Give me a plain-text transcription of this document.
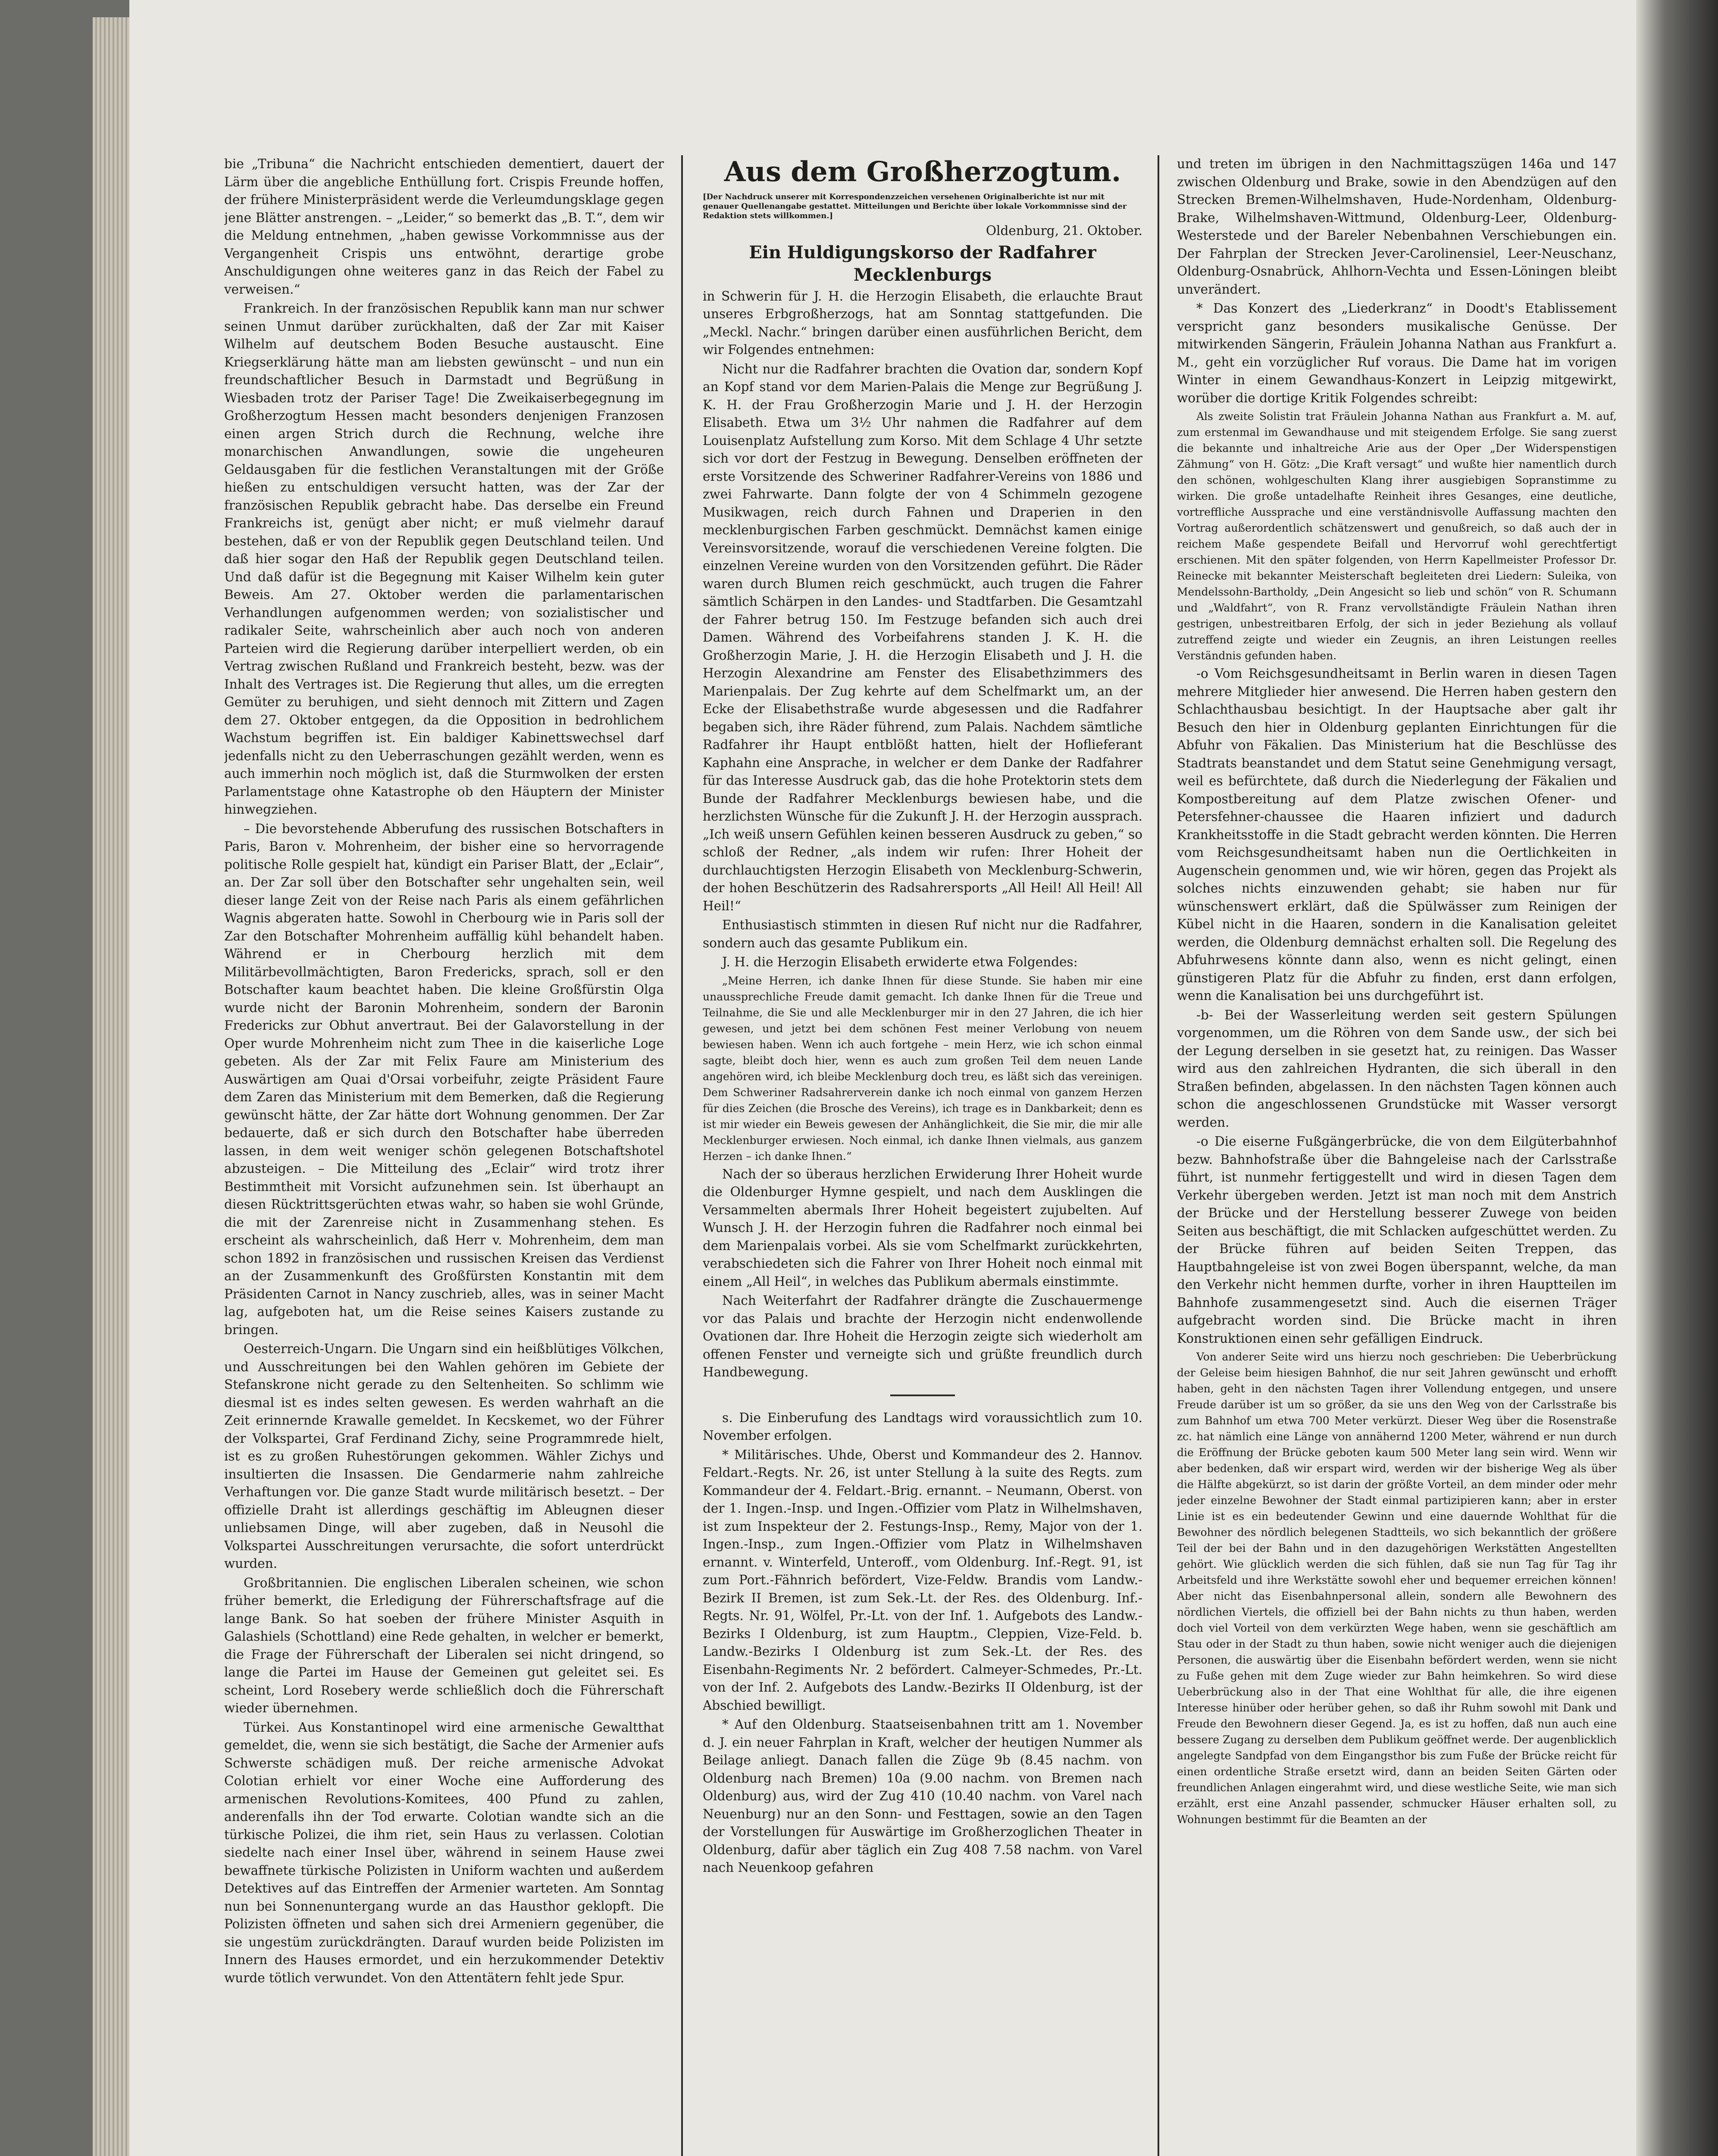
bie „Tribuna“ die Nachricht entschieden dementiert, dauert der Lärm über die angebliche Enthüllung fort. Crispis Freunde hoffen, der frühere Ministerpräsident werde die Verleumdungsklage gegen jene Blätter anstrengen. – „Leider,“ so bemerkt das „B. T.“, dem wir die Meldung entnehmen, „haben gewisse Vorkommnisse aus der Vergangenheit Crispis uns entwöhnt, derartige grobe Anschuldigungen ohne weiteres ganz in das Reich der Fabel zu verweisen.“

Frankreich. In der französischen Republik kann man nur schwer seinen Unmut darüber zurückhalten, daß der Zar mit Kaiser Wilhelm auf deutschem Boden Besuche austauscht. Eine Kriegserklärung hätte man am liebsten gewünscht – und nun ein freundschaftlicher Besuch in Darmstadt und Begrüßung in Wiesbaden trotz der Pariser Tage! Die Zweikaiserbegegnung im Großherzogtum Hessen macht besonders denjenigen Franzosen einen argen Strich durch die Rechnung, welche ihre monarchischen Anwandlungen, sowie die ungeheuren Geldausgaben für die festlichen Veranstaltungen mit der Größe hießen zu entschuldigen versucht hatten, was der Zar der französischen Republik gebracht habe. Das derselbe ein Freund Frankreichs ist, genügt aber nicht; er muß vielmehr darauf bestehen, daß er von der Republik gegen Deutschland teilen. Und daß hier sogar den Haß der Republik gegen Deutschland teilen. Und daß dafür ist die Begegnung mit Kaiser Wilhelm kein guter Beweis. Am 27. Oktober werden die parlamentarischen Verhandlungen aufgenommen werden; von sozialistischer und radikaler Seite, wahrscheinlich aber auch noch von anderen Parteien wird die Regierung darüber interpelliert werden, ob ein Vertrag zwischen Rußland und Frankreich besteht, bezw. was der Inhalt des Vertrages ist. Die Regierung thut alles, um die erregten Gemüter zu beruhigen, und sieht dennoch mit Zittern und Zagen dem 27. Oktober entgegen, da die Opposition in bedrohlichem Wachstum begriffen ist. Ein baldiger Kabinettswechsel darf jedenfalls nicht zu den Ueberraschungen gezählt werden, wenn es auch immerhin noch möglich ist, daß die Sturmwolken der ersten Parlamentstage ohne Katastrophe ob den Häuptern der Minister hinwegziehen.

– Die bevorstehende Abberufung des russischen Botschafters in Paris, Baron v. Mohrenheim, der bisher eine so hervorragende politische Rolle gespielt hat, kündigt ein Pariser Blatt, der „Eclair“, an. Der Zar soll über den Botschafter sehr ungehalten sein, weil dieser lange Zeit von der Reise nach Paris als einem gefährlichen Wagnis abgeraten hatte. Sowohl in Cherbourg wie in Paris soll der Zar den Botschafter Mohrenheim auffällig kühl behandelt haben. Während er in Cherbourg herzlich mit dem Militärbevollmächtigten, Baron Fredericks, sprach, soll er den Botschafter kaum beachtet haben. Die kleine Großfürstin Olga wurde nicht der Baronin Mohrenheim, sondern der Baronin Fredericks zur Obhut anvertraut. Bei der Galavorstellung in der Oper wurde Mohrenheim nicht zum Thee in die kaiserliche Loge gebeten. Als der Zar mit Felix Faure am Ministerium des Auswärtigen am Quai d'Orsai vorbeifuhr, zeigte Präsident Faure dem Zaren das Ministerium mit dem Bemerken, daß die Regierung gewünscht hätte, der Zar hätte dort Wohnung genommen. Der Zar bedauerte, daß er sich durch den Botschafter habe überreden lassen, in dem weit weniger schön gelegenen Botschaftshotel abzusteigen. – Die Mitteilung des „Eclair“ wird trotz ihrer Bestimmtheit mit Vorsicht aufzunehmen sein. Ist überhaupt an diesen Rücktrittsgerüchten etwas wahr, so haben sie wohl Gründe, die mit der Zarenreise nicht in Zusammenhang stehen. Es erscheint als wahrscheinlich, daß Herr v. Mohrenheim, dem man schon 1892 in französischen und russischen Kreisen das Verdienst an der Zusammenkunft des Großfürsten Konstantin mit dem Präsidenten Carnot in Nancy zuschrieb, alles, was in seiner Macht lag, aufgeboten hat, um die Reise seines Kaisers zustande zu bringen.

Oesterreich-Ungarn. Die Ungarn sind ein heißblütiges Völkchen, und Ausschreitungen bei den Wahlen gehören im Gebiete der Stefanskrone nicht gerade zu den Seltenheiten. So schlimm wie diesmal ist es indes selten gewesen. Es werden wahrhaft an die Zeit erinnernde Krawalle gemeldet. In Kecskemet, wo der Führer der Volkspartei, Graf Ferdinand Zichy, seine Programmrede hielt, ist es zu großen Ruhestörungen gekommen. Wähler Zichys und insultierten die Insassen. Die Gendarmerie nahm zahlreiche Verhaftungen vor. Die ganze Stadt wurde militärisch besetzt. – Der offizielle Draht ist allerdings geschäftig im Ableugnen dieser unliebsamen Dinge, will aber zugeben, daß in Neusohl die Volkspartei Ausschreitungen verursachte, die sofort unterdrückt wurden.

Großbritannien. Die englischen Liberalen scheinen, wie schon früher bemerkt, die Erledigung der Führerschaftsfrage auf die lange Bank. So hat soeben der frühere Minister Asquith in Galashiels (Schottland) eine Rede gehalten, in welcher er bemerkt, die Frage der Führerschaft der Liberalen sei nicht dringend, so lange die Partei im Hause der Gemeinen gut geleitet sei. Es scheint, Lord Rosebery werde schließlich doch die Führerschaft wieder übernehmen.

Türkei. Aus Konstantinopel wird eine armenische Gewaltthat gemeldet, die, wenn sie sich bestätigt, die Sache der Armenier aufs Schwerste schädigen muß. Der reiche armenische Advokat Colotian erhielt vor einer Woche eine Aufforderung des armenischen Revolutions-Komitees, 400 Pfund zu zahlen, anderenfalls ihn der Tod erwarte. Colotian wandte sich an die türkische Polizei, die ihm riet, sein Haus zu verlassen. Colotian siedelte nach einer Insel über, während in seinem Hause zwei bewaffnete türkische Polizisten in Uniform wachten und außerdem Detektives auf das Eintreffen der Armenier warteten. Am Sonntag nun bei Sonnenuntergang wurde an das Hausthor geklopft. Die Polizisten öffneten und sahen sich drei Armeniern gegenüber, die sie ungestüm zurückdrängten. Darauf wurden beide Polizisten im Innern des Hauses ermordet, und ein herzukommender Detektiv wurde tötlich verwundet. Von den Attentätern fehlt jede Spur.

Aus dem Großherzogtum.

[Der Nachdruck unserer mit Korrespondenzzeichen versehenen Originalberichte ist nur mit genauer Quellenangabe gestattet. Mitteilungen und Berichte über lokale Vorkommnisse sind der Redaktion stets willkommen.]

Oldenburg, 21. Oktober.

Ein Huldigungskorso der Radfahrer
Mecklenburgs

in Schwerin für J. H. die Herzogin Elisabeth, die erlauchte Braut unseres Erbgroßherzogs, hat am Sonntag stattgefunden. Die „Meckl. Nachr.“ bringen darüber einen ausführlichen Bericht, dem wir Folgendes entnehmen:

Nicht nur die Radfahrer brachten die Ovation dar, sondern Kopf an Kopf stand vor dem Marien-Palais die Menge zur Begrüßung J. K. H. der Frau Großherzogin Marie und J. H. der Herzogin Elisabeth. Etwa um 3½ Uhr nahmen die Radfahrer auf dem Louisenplatz Aufstellung zum Korso. Mit dem Schlage 4 Uhr setzte sich vor dort der Festzug in Bewegung. Denselben eröffneten der erste Vorsitzende des Schweriner Radfahrer-Vereins von 1886 und zwei Fahrwarte. Dann folgte der von 4 Schimmeln gezogene Musikwagen, reich durch Fahnen und Draperien in den mecklenburgischen Farben geschmückt. Demnächst kamen einige Vereinsvorsitzende, worauf die verschiedenen Vereine folgten. Die einzelnen Vereine wurden von den Vorsitzenden geführt. Die Räder waren durch Blumen reich geschmückt, auch trugen die Fahrer sämtlich Schärpen in den Landes- und Stadtfarben. Die Gesamtzahl der Fahrer betrug 150. Im Festzuge befanden sich auch drei Damen. Während des Vorbeifahrens standen J. K. H. die Großherzogin Marie, J. H. die Herzogin Elisabeth und J. H. die Herzogin Alexandrine am Fenster des Elisabethzimmers des Marienpalais. Der Zug kehrte auf dem Schelfmarkt um, an der Ecke der Elisabethstraße wurde abgesessen und die Radfahrer begaben sich, ihre Räder führend, zum Palais. Nachdem sämtliche Radfahrer ihr Haupt entblößt hatten, hielt der Hoflieferant Kaphahn eine Ansprache, in welcher er dem Danke der Radfahrer für das Interesse Ausdruck gab, das die hohe Protektorin stets dem Bunde der Radfahrer Mecklenburgs bewiesen habe, und die herzlichsten Wünsche für die Zukunft J. H. der Herzogin aussprach. „Ich weiß unsern Gefühlen keinen besseren Ausdruck zu geben,“ so schloß der Redner, „als indem wir rufen: Ihrer Hoheit der durchlauchtigsten Herzogin Elisabeth von Mecklenburg-Schwerin, der hohen Beschützerin des Radsahrersports „All Heil! All Heil! All Heil!“

Enthusiastisch stimmten in diesen Ruf nicht nur die Radfahrer, sondern auch das gesamte Publikum ein.

J. H. die Herzogin Elisabeth erwiderte etwa Folgendes:

„Meine Herren, ich danke Ihnen für diese Stunde. Sie haben mir eine unaussprechliche Freude damit gemacht. Ich danke Ihnen für die Treue und Teilnahme, die Sie und alle Mecklenburger mir in den 27 Jahren, die ich hier gewesen, und jetzt bei dem schönen Fest meiner Verlobung von neuem bewiesen haben. Wenn ich auch fortgehe – mein Herz, wie ich schon einmal sagte, bleibt doch hier, wenn es auch zum großen Teil dem neuen Lande angehören wird, ich bleibe Mecklenburg doch treu, es läßt sich das vereinigen. Dem Schweriner Radsahrerverein danke ich noch einmal von ganzem Herzen für dies Zeichen (die Brosche des Vereins), ich trage es in Dankbarkeit; denn es ist mir wieder ein Beweis gewesen der Anhänglichkeit, die Sie mir, die mir alle Mecklenburger erwiesen. Noch einmal, ich danke Ihnen vielmals, aus ganzem Herzen – ich danke Ihnen.“

Nach der so überaus herzlichen Erwiderung Ihrer Hoheit wurde die Oldenburger Hymne gespielt, und nach dem Ausklingen die Versammelten abermals Ihrer Hoheit begeistert zujubelten. Auf Wunsch J. H. der Herzogin fuhren die Radfahrer noch einmal bei dem Marienpalais vorbei. Als sie vom Schelfmarkt zurückkehrten, verabschiedeten sich die Fahrer von Ihrer Hoheit noch einmal mit einem „All Heil“, in welches das Publikum abermals einstimmte.

Nach Weiterfahrt der Radfahrer drängte die Zuschauermenge vor das Palais und brachte der Herzogin nicht endenwollende Ovationen dar. Ihre Hoheit die Herzogin zeigte sich wiederholt am offenen Fenster und verneigte sich und grüßte freundlich durch Handbewegung.

s. Die Einberufung des Landtags wird voraussichtlich zum 10. November erfolgen.

* Militärisches. Uhde, Oberst und Kommandeur des 2. Hannov. Feldart.-Regts. Nr. 26, ist unter Stellung à la suite des Regts. zum Kommandeur der 4. Feldart.-Brig. ernannt. – Neumann, Oberst. von der 1. Ingen.-Insp. und Ingen.-Offizier vom Platz in Wilhelmshaven, ist zum Inspekteur der 2. Festungs-Insp., Remy, Major von der 1. Ingen.-Insp., zum Ingen.-Offizier vom Platz in Wilhelmshaven ernannt. v. Winterfeld, Unteroff., vom Oldenburg. Inf.-Regt. 91, ist zum Port.-Fähnrich befördert, Vize-Feldw. Brandis vom Landw.-Bezirk II Bremen, ist zum Sek.-Lt. der Res. des Oldenburg. Inf.-Regts. Nr. 91, Wölfel, Pr.-Lt. von der Inf. 1. Aufgebots des Landw.-Bezirks I Oldenburg, ist zum Hauptm., Cleppien, Vize-Feld. b. Landw.-Bezirks I Oldenburg ist zum Sek.-Lt. der Res. des Eisenbahn-Regiments Nr. 2 befördert. Calmeyer-Schmedes, Pr.-Lt. von der Inf. 2. Aufgebots des Landw.-Bezirks II Oldenburg, ist der Abschied bewilligt.

* Auf den Oldenburg. Staatseisenbahnen tritt am 1. November d. J. ein neuer Fahrplan in Kraft, welcher der heutigen Nummer als Beilage anliegt. Danach fallen die Züge 9b (8.45 nachm. von Oldenburg nach Bremen) 10a (9.00 nachm. von Bremen nach Oldenburg) aus, wird der Zug 410 (10.40 nachm. von Varel nach Neuenburg) nur an den Sonn- und Festtagen, sowie an den Tagen der Vorstellungen für Auswärtige im Großherzoglichen Theater in Oldenburg, dafür aber täglich ein Zug 408 7.58 nachm. von Varel nach Neuenkoop gefahren

und treten im übrigen in den Nachmittagszügen 146a und 147 zwischen Oldenburg und Brake, sowie in den Abendzügen auf den Strecken Bremen-Wilhelmshaven, Hude-Nordenham, Oldenburg-Brake, Wilhelmshaven-Wittmund, Oldenburg-Leer, Oldenburg-Westerstede und der Bareler Nebenbahnen Verschiebungen ein. Der Fahrplan der Strecken Jever-Carolinensiel, Leer-Neuschanz, Oldenburg-Osnabrück, Ahlhorn-Vechta und Essen-Löningen bleibt unverändert.

* Das Konzert des „Liederkranz“ in Doodt's Etablissement verspricht ganz besonders musikalische Genüsse. Der mitwirkenden Sängerin, Fräulein Johanna Nathan aus Frankfurt a. M., geht ein vorzüglicher Ruf voraus. Die Dame hat im vorigen Winter in einem Gewandhaus-Konzert in Leipzig mitgewirkt, worüber die dortige Kritik Folgendes schreibt:

Als zweite Solistin trat Fräulein Johanna Nathan aus Frankfurt a. M. auf, zum erstenmal im Gewandhause und mit steigendem Erfolge. Sie sang zuerst die bekannte und inhaltreiche Arie aus der Oper „Der Widerspenstigen Zähmung“ von H. Götz: „Die Kraft versagt“ und wußte hier namentlich durch den schönen, wohlgeschulten Klang ihrer ausgiebigen Sopranstimme zu wirken. Die große untadelhafte Reinheit ihres Gesanges, eine deutliche, vortreffliche Aussprache und eine verständnisvolle Auffassung machten den Vortrag außerordentlich schätzenswert und genußreich, so daß auch der in reichem Maße gespendete Beifall und Hervorruf wohl gerechtfertigt erschienen. Mit den später folgenden, von Herrn Kapellmeister Professor Dr. Reinecke mit bekannter Meisterschaft begleiteten drei Liedern: Suleika, von Mendelssohn-Bartholdy, „Dein Angesicht so lieb und schön“ von R. Schumann und „Waldfahrt“, von R. Franz vervollständigte Fräulein Nathan ihren gestrigen, unbestreitbaren Erfolg, der sich in jeder Beziehung als vollauf zutreffend zeigte und wieder ein Zeugnis, an ihren Leistungen reelles Verständnis gefunden haben.

-o Vom Reichsgesundheitsamt in Berlin waren in diesen Tagen mehrere Mitglieder hier anwesend. Die Herren haben gestern den Schlachthausbau besichtigt. In der Hauptsache aber galt ihr Besuch den hier in Oldenburg geplanten Einrichtungen für die Abfuhr von Fäkalien. Das Ministerium hat die Beschlüsse des Stadtrats beanstandet und dem Statut seine Genehmigung versagt, weil es befürchtete, daß durch die Niederlegung der Fäkalien und Kompostbereitung auf dem Platze zwischen Ofener- und Petersfehner-chaussee die Haaren infiziert und dadurch Krankheitsstoffe in die Stadt gebracht werden könnten. Die Herren vom Reichsgesundheitsamt haben nun die Oertlichkeiten in Augenschein genommen und, wie wir hören, gegen das Projekt als solches nichts einzuwenden gehabt; sie haben nur für wünschenswert erklärt, daß die Spülwässer zum Reinigen der Kübel nicht in die Haaren, sondern in die Kanalisation geleitet werden, die Oldenburg demnächst erhalten soll. Die Regelung des Abfuhrwesens könnte dann also, wenn es nicht gelingt, einen günstigeren Platz für die Abfuhr zu finden, erst dann erfolgen, wenn die Kanalisation bei uns durchgeführt ist.

-b- Bei der Wasserleitung werden seit gestern Spülungen vorgenommen, um die Röhren von dem Sande usw., der sich bei der Legung derselben in sie gesetzt hat, zu reinigen. Das Wasser wird aus den zahlreichen Hydranten, die sich überall in den Straßen befinden, abgelassen. In den nächsten Tagen können auch schon die angeschlossenen Grundstücke mit Wasser versorgt werden.

-o Die eiserne Fußgängerbrücke, die von dem Eilgüterbahnhof bezw. Bahnhofstraße über die Bahngeleise nach der Carlsstraße führt, ist nunmehr fertiggestellt und wird in diesen Tagen dem Verkehr übergeben werden. Jetzt ist man noch mit dem Anstrich der Brücke und der Herstellung besserer Zuwege von beiden Seiten aus beschäftigt, die mit Schlacken aufgeschüttet werden. Zu der Brücke führen auf beiden Seiten Treppen, das Hauptbahngeleise ist von zwei Bogen überspannt, welche, da man den Verkehr nicht hemmen durfte, vorher in ihren Hauptteilen im Bahnhofe zusammengesetzt sind. Auch die eisernen Träger aufgebracht worden sind. Die Brücke macht in ihren Konstruktionen einen sehr gefälligen Eindruck.

Von anderer Seite wird uns hierzu noch geschrieben: Die Ueberbrückung der Geleise beim hiesigen Bahnhof, die nur seit Jahren gewünscht und erhofft haben, geht in den nächsten Tagen ihrer Vollendung entgegen, und unsere Freude darüber ist um so größer, da sie uns den Weg von der Carlsstraße bis zum Bahnhof um etwa 700 Meter verkürzt. Dieser Weg über die Rosenstraße zc. hat nämlich eine Länge von annähernd 1200 Meter, während er nun durch die Eröffnung der Brücke geboten kaum 500 Meter lang sein wird. Wenn wir aber bedenken, daß wir erspart wird, werden wir der bisherige Weg als über die Hälfte abgekürzt, so ist darin der größte Vorteil, an dem minder oder mehr jeder einzelne Bewohner der Stadt einmal partizipieren kann; aber in erster Linie ist es ein bedeutender Gewinn und eine dauernde Wohlthat für die Bewohner des nördlich belegenen Stadtteils, wo sich bekanntlich der größere Teil der bei der Bahn und in den dazugehörigen Werkstätten Angestellten gehört. Wie glücklich werden die sich fühlen, daß sie nun Tag für Tag ihr Arbeitsfeld und ihre Werkstätte sowohl eher und bequemer erreichen können! Aber nicht das Eisenbahnpersonal allein, sondern alle Bewohnern des nördlichen Viertels, die offiziell bei der Bahn nichts zu thun haben, werden doch viel Vorteil von dem verkürzten Wege haben, wenn sie geschäftlich am Stau oder in der Stadt zu thun haben, sowie nicht weniger auch die diejenigen Personen, die auswärtig über die Eisenbahn befördert werden, wenn sie nicht zu Fuße gehen mit dem Zuge wieder zur Bahn heimkehren. So wird diese Ueberbrückung also in der That eine Wohlthat für alle, die ihre eigenen Interesse hinüber oder herüber gehen, so daß ihr Ruhm sowohl mit Dank und Freude den Bewohnern dieser Gegend. Ja, es ist zu hoffen, daß nun auch eine bessere Zugang zu derselben dem Publikum geöffnet werde. Der augenblicklich angelegte Sandpfad von dem Eingangsthor bis zum Fuße der Brücke reicht für einen ordentliche Straße ersetzt wird, dann an beiden Seiten Gärten oder freundlichen Anlagen eingerahmt wird, und diese westliche Seite, wie man sich erzählt, erst eine Anzahl passender, schmucker Häuser erhalten soll, zu Wohnungen bestimmt für die Beamten an der
